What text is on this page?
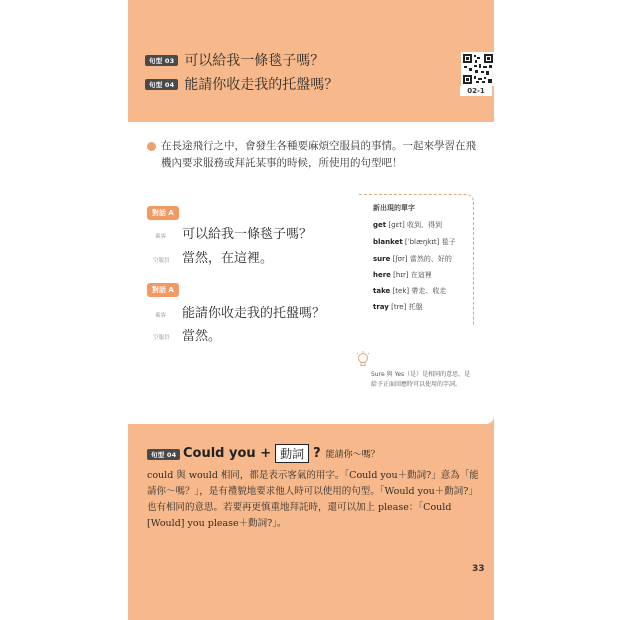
句型 03 可以給我一條毯子嗎？
句型 04 能請你收走我的托盤嗎？	02-1
在長途飛行之中，會發生各種要麻煩空服員的事情。一起來學習在飛機內要求服務或拜託某事的時候，所使用的句型吧！
對話 A
乘客 可以給我一條毯子嗎？
空服員 當然，在這裡。
對話 A
乘客 能請你收走我的托盤嗎？
空服員 當然。
新出現的單字
get [gɛt] 收到、得到
blanket [ˈblæŋkɪt] 毯子
sure [ʃʊr] 當然的、好的
here [hɪr] 在這裡
take [tek] 帶走、收走
tray [tre] 托盤
Sure 與 Yes（是）是相同的意思，是給予正面回應時可以使用的字詞。
句型 04 Could you + 動詞 ? 能請你～嗎？
could 與 would 相同，都是表示客氣的用字。「Could you＋動詞?」意為「能請你～嗎？」，是有禮貌地要求他人時可以使用的句型。「Would you＋動詞?」也有相同的意思。若要再更慎重地拜託時，還可以加上 please：「Could [Would] you please＋動詞?」。
33
